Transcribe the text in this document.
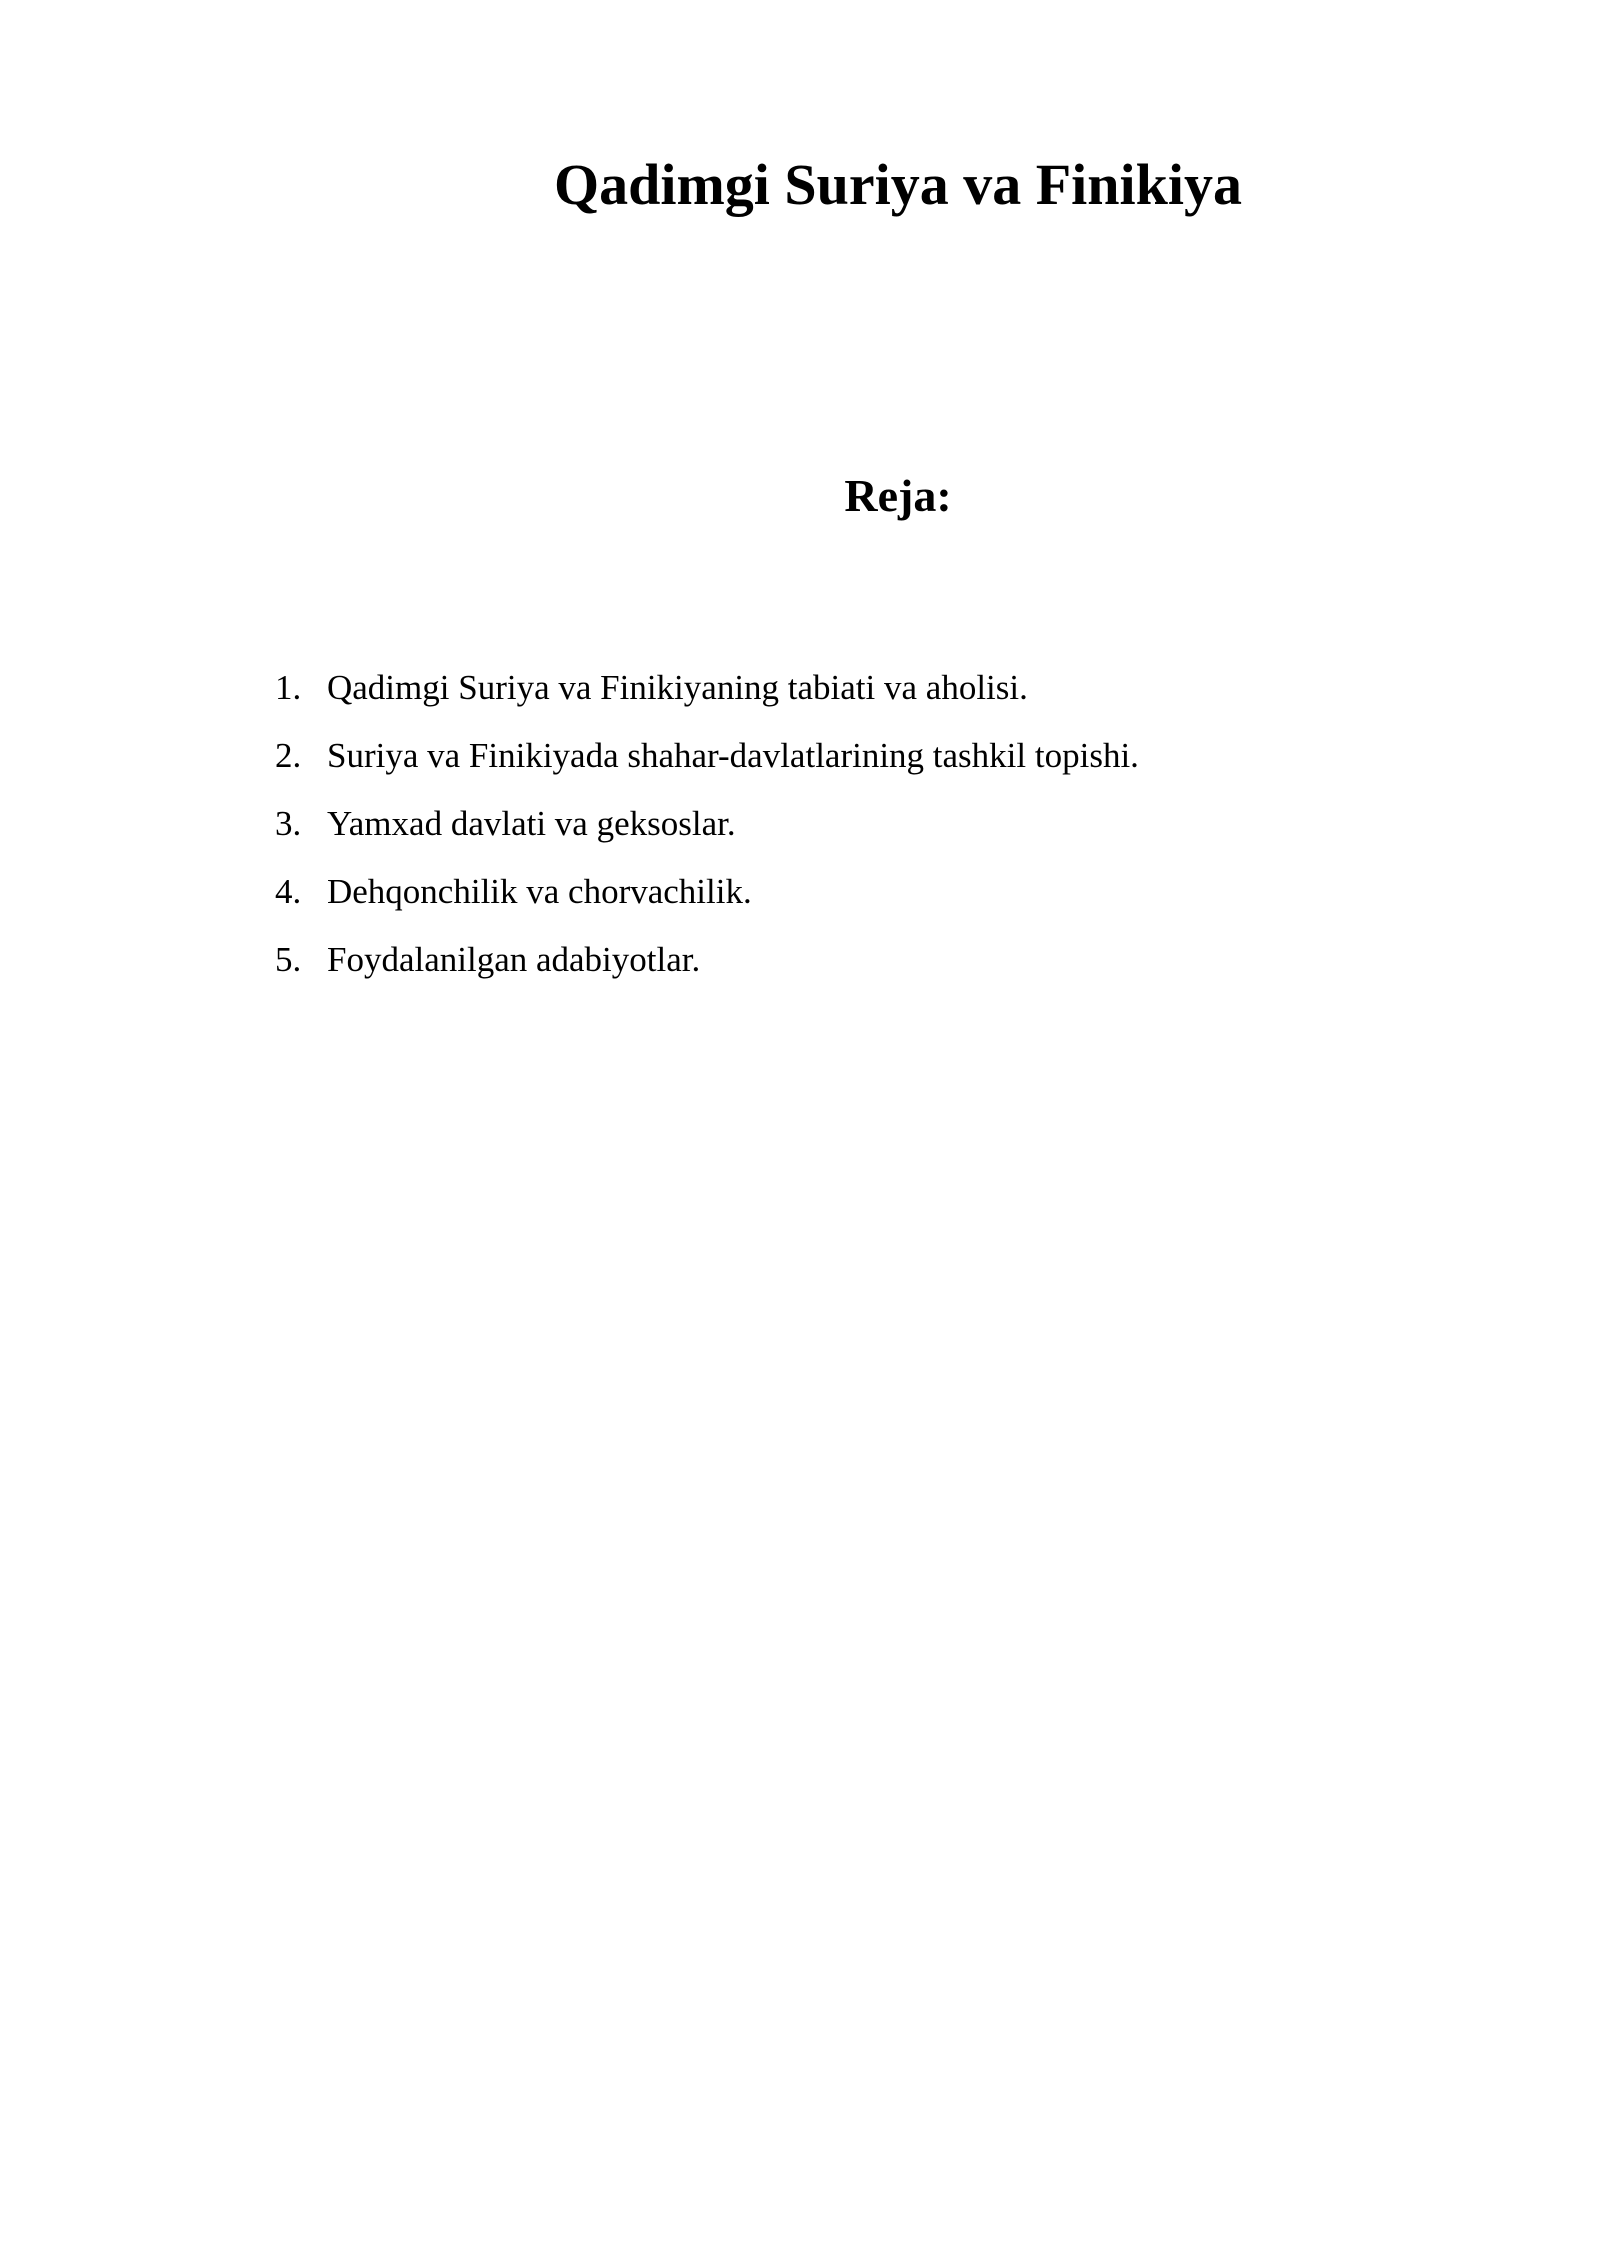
Qadimgi Suriya va Finikiya
Reja:
1. Qadimgi Suriya va Finikiyaning tabiati va aholisi.
2. Suriya va Finikiyada shahar-davlatlarining tashkil topishi.
3. Yamxad davlati va geksoslar.
4. Dehqonchilik va chorvachilik.
5. Foydalanilgan adabiyotlar.
